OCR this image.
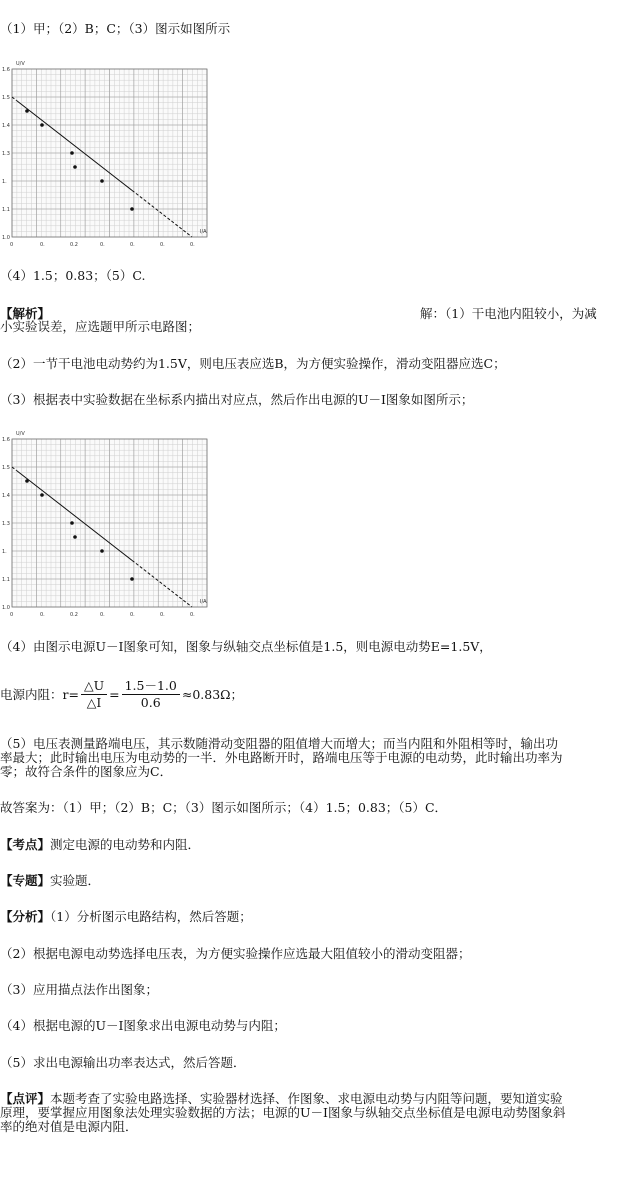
（1）甲；（2）B；C；（3）图示如图所示
1.0
1.1
1.
1.3
1.4
1.5
1.6
0	0.	0.2	0.	0.	0.	0.
U/V
I/A
（4）1.5；0.83；（5）C.
【解析】	解：（1）干电池内阻较小，为减
小实验误差，应选题甲所示电路图；
（2）一节干电池电动势约为1.5V，则电压表应选B，为方便实验操作，滑动变阻器应选C；
（3）根据表中实验数据在坐标系内描出对应点，然后作出电源的U－I图象如图所示；
1.0
1.1
1.
1.3
1.4
1.5
1.6
0	0.	0.2	0.	0.	0.	0.
U/V
I/A
（4）由图示电源U－I图象可知，图象与纵轴交点坐标值是1.5，则电源电动势E=1.5V，
电源内阻：$r= \frac{\triangle U}{\triangle I} = \frac{1.5-1.0}{0.6} \approx 0.83\Omega$；
（5）电压表测量路端电压，其示数随滑动变阻器的阻值增大而增大；而当内阻和外阻相等时，输出功
率最大；此时输出电压为电动势的一半．外电路断开时，路端电压等于电源的电动势，此时输出功率为
零；故符合条件的图象应为C．
故答案为：（1）甲；（2）B；C；（3）图示如图所示；（4）1.5；0.83；（5）C．
【考点】测定电源的电动势和内阻．
【专题】实验题．
【分析】（1）分析图示电路结构，然后答题；
（2）根据电源电动势选择电压表，为方便实验操作应选最大阻值较小的滑动变阻器；
（3）应用描点法作出图象；
（4）根据电源的U－I图象求出电源电动势与内阻；
（5）求出电源输出功率表达式，然后答题．
【点评】本题考查了实验电路选择、实验器材选择、作图象、求电源电动势与内阻等问题，要知道实验
原理，要掌握应用图象法处理实验数据的方法；电源的U－I图象与纵轴交点坐标值是电源电动势图象斜
率的绝对值是电源内阻．
